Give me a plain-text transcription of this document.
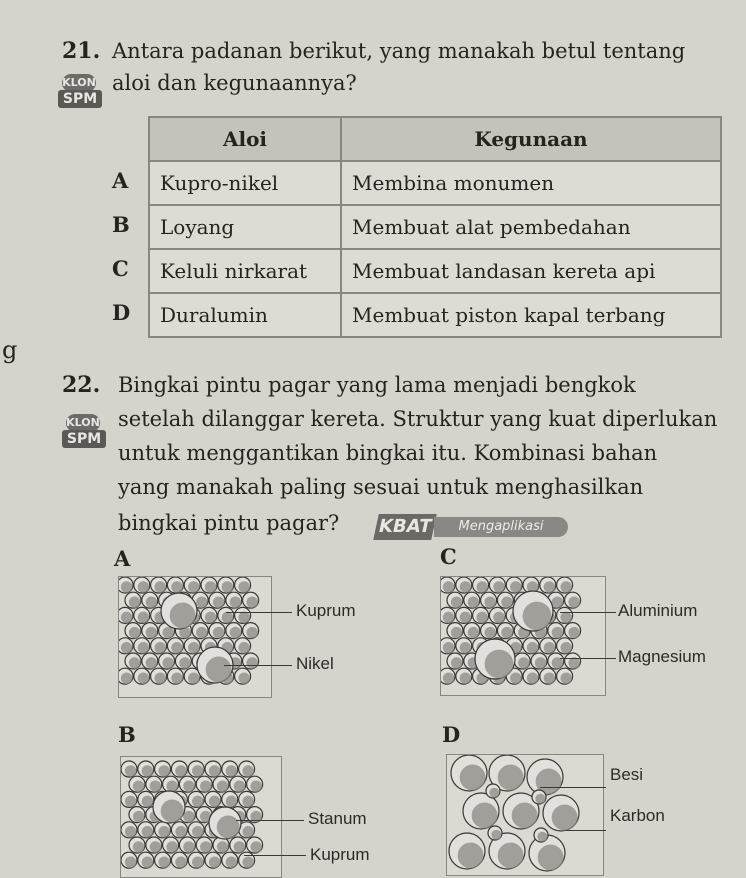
21. Antara padanan berikut, yang manakah betul tentang
aloi dan kegunaannya?
KLON
SPM
Aloi	Kegunaan
Kupro-nikel	Membina monumen
Loyang	Membuat alat pembedahan
Keluli nirkarat	Membuat landasan kereta api
Duralumin	Membuat piston kapal terbang
A
B
C
D
g
22. Bingkai pintu pagar yang lama menjadi bengkok
setelah dilanggar kereta. Struktur yang kuat diperlukan
untuk menggantikan bingkai itu. Kombinasi bahan
yang manakah paling sesuai untuk menghasilkan
bingkai pintu pagar?
KLON
SPM
KBAT	Mengaplikasi
A	C
B	D
Kuprum
Nikel
Aluminium
Magnesium
Stanum
Kuprum
Besi
Karbon
